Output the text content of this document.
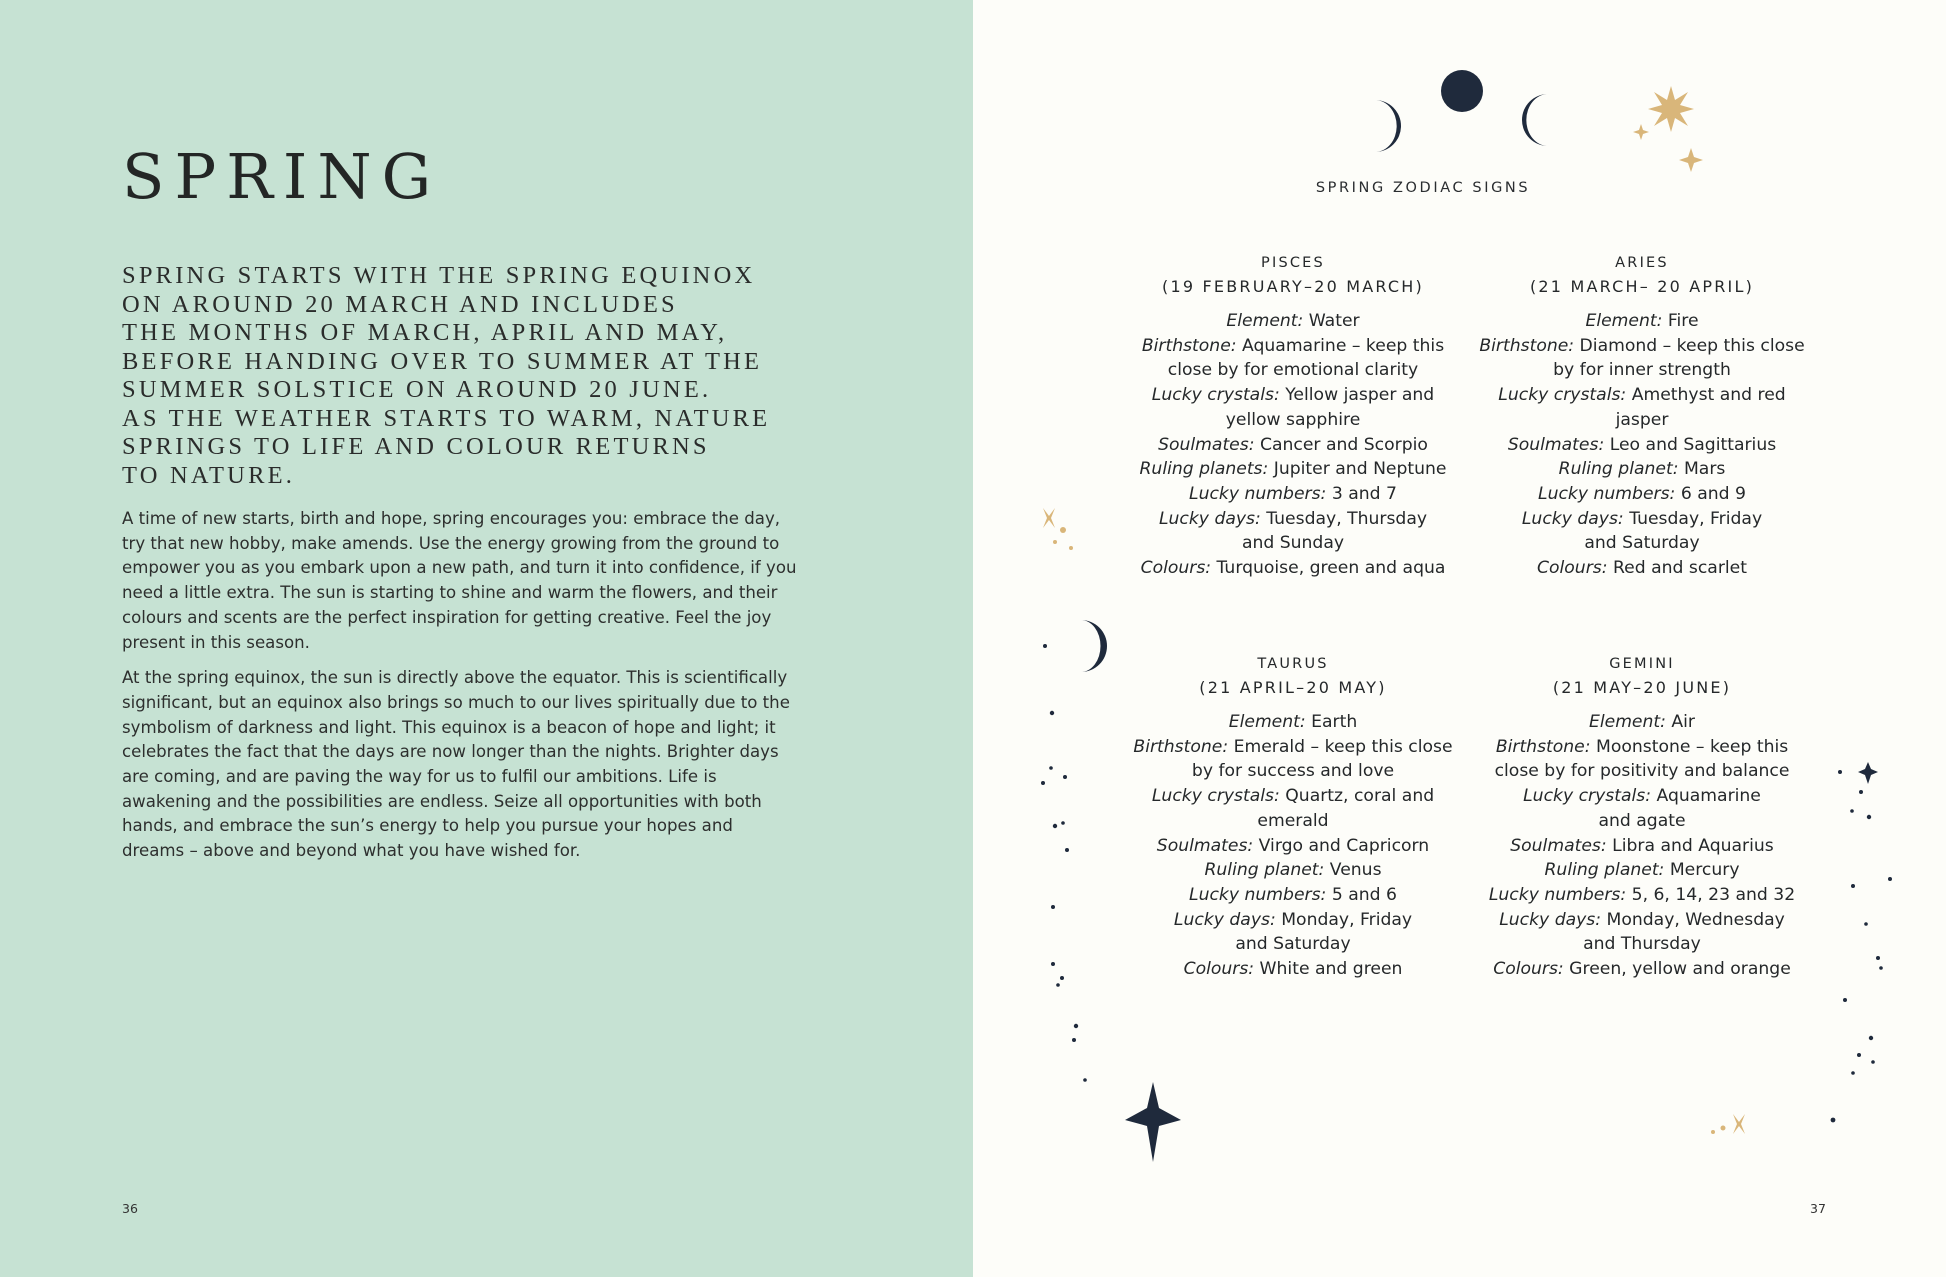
SPRING

SPRING STARTS WITH THE SPRING EQUINOX
ON AROUND 20 MARCH AND INCLUDES
THE MONTHS OF MARCH, APRIL AND MAY,
BEFORE HANDING OVER TO SUMMER AT THE
SUMMER SOLSTICE ON AROUND 20 JUNE.
AS THE WEATHER STARTS TO WARM, NATURE
SPRINGS TO LIFE AND COLOUR RETURNS
TO NATURE.

A time of new starts, birth and hope, spring encourages you: embrace the day, try that new hobby, make amends. Use the energy growing from the ground to empower you as you embark upon a new path, and turn it into confidence, if you need a little extra. The sun is starting to shine and warm the flowers, and their colours and scents are the perfect inspiration for getting creative. Feel the joy present in this season.

At the spring equinox, the sun is directly above the equator. This is scientifically significant, but an equinox also brings so much to our lives spiritually due to the symbolism of darkness and light. This equinox is a beacon of hope and light; it celebrates the fact that the days are now longer than the nights. Brighter days are coming, and are paving the way for us to fulfil our ambitions. Life is awakening and the possibilities are endless. Seize all opportunities with both hands, and embrace the sun’s energy to help you pursue your hopes and dreams – above and beyond what you have wished for.

36
SPRING ZODIAC SIGNS
PISCES
(19 FEBRUARY–20 MARCH)
Element: Water
Birthstone: Aquamarine – keep this
close by for emotional clarity
Lucky crystals: Yellow jasper and
yellow sapphire
Soulmates: Cancer and Scorpio
Ruling planets: Jupiter and Neptune
Lucky numbers: 3 and 7
Lucky days: Tuesday, Thursday
and Sunday
Colours: Turquoise, green and aqua
ARIES
(21 MARCH– 20 APRIL)
Element: Fire
Birthstone: Diamond – keep this close
by for inner strength
Lucky crystals: Amethyst and red
jasper
Soulmates: Leo and Sagittarius
Ruling planet: Mars
Lucky numbers: 6 and 9
Lucky days: Tuesday, Friday
and Saturday
Colours: Red and scarlet
TAURUS
(21 APRIL–20 MAY)
Element: Earth
Birthstone: Emerald – keep this close
by for success and love
Lucky crystals: Quartz, coral and
emerald
Soulmates: Virgo and Capricorn
Ruling planet: Venus
Lucky numbers: 5 and 6
Lucky days: Monday, Friday
and Saturday
Colours: White and green
GEMINI
(21 MAY–20 JUNE)
Element: Air
Birthstone: Moonstone – keep this
close by for positivity and balance
Lucky crystals: Aquamarine
and agate
Soulmates: Libra and Aquarius
Ruling planet: Mercury
Lucky numbers: 5, 6, 14, 23 and 32
Lucky days: Monday, Wednesday
and Thursday
Colours: Green, yellow and orange
37
